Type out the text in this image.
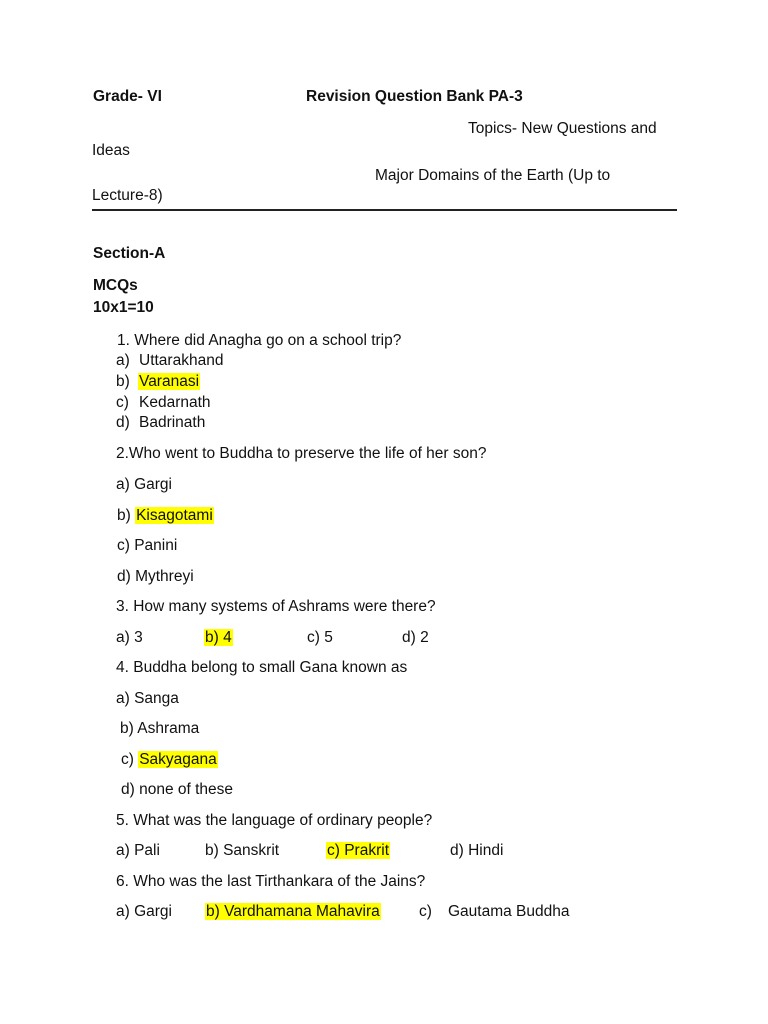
Grade- VI	Revision Question Bank PA-3
Topics- New Questions and
Ideas
Major Domains of the Earth (Up to
Lecture-8)
Section-A
MCQs
10x1=10
1. Where did Anagha go on a school trip?
a) Uttarakhand
b) Varanasi
c) Kedarnath
d) Badrinath
2.Who went to Buddha to preserve the life of her son?
a) Gargi
b) Kisagotami
c) Panini
d) Mythreyi
3. How many systems of Ashrams were there?
a) 3	b) 4	c) 5	d) 2
4. Buddha belong to small Gana known as
a) Sanga
b) Ashrama
c) Sakyagana
d) none of these
5. What was the language of ordinary people?
a) Pali	b) Sanskrit	c) Prakrit	d) Hindi
6. Who was the last Tirthankara of the Jains?
a) Gargi b) Vardhamana Mahavira	c) Gautama Buddha
